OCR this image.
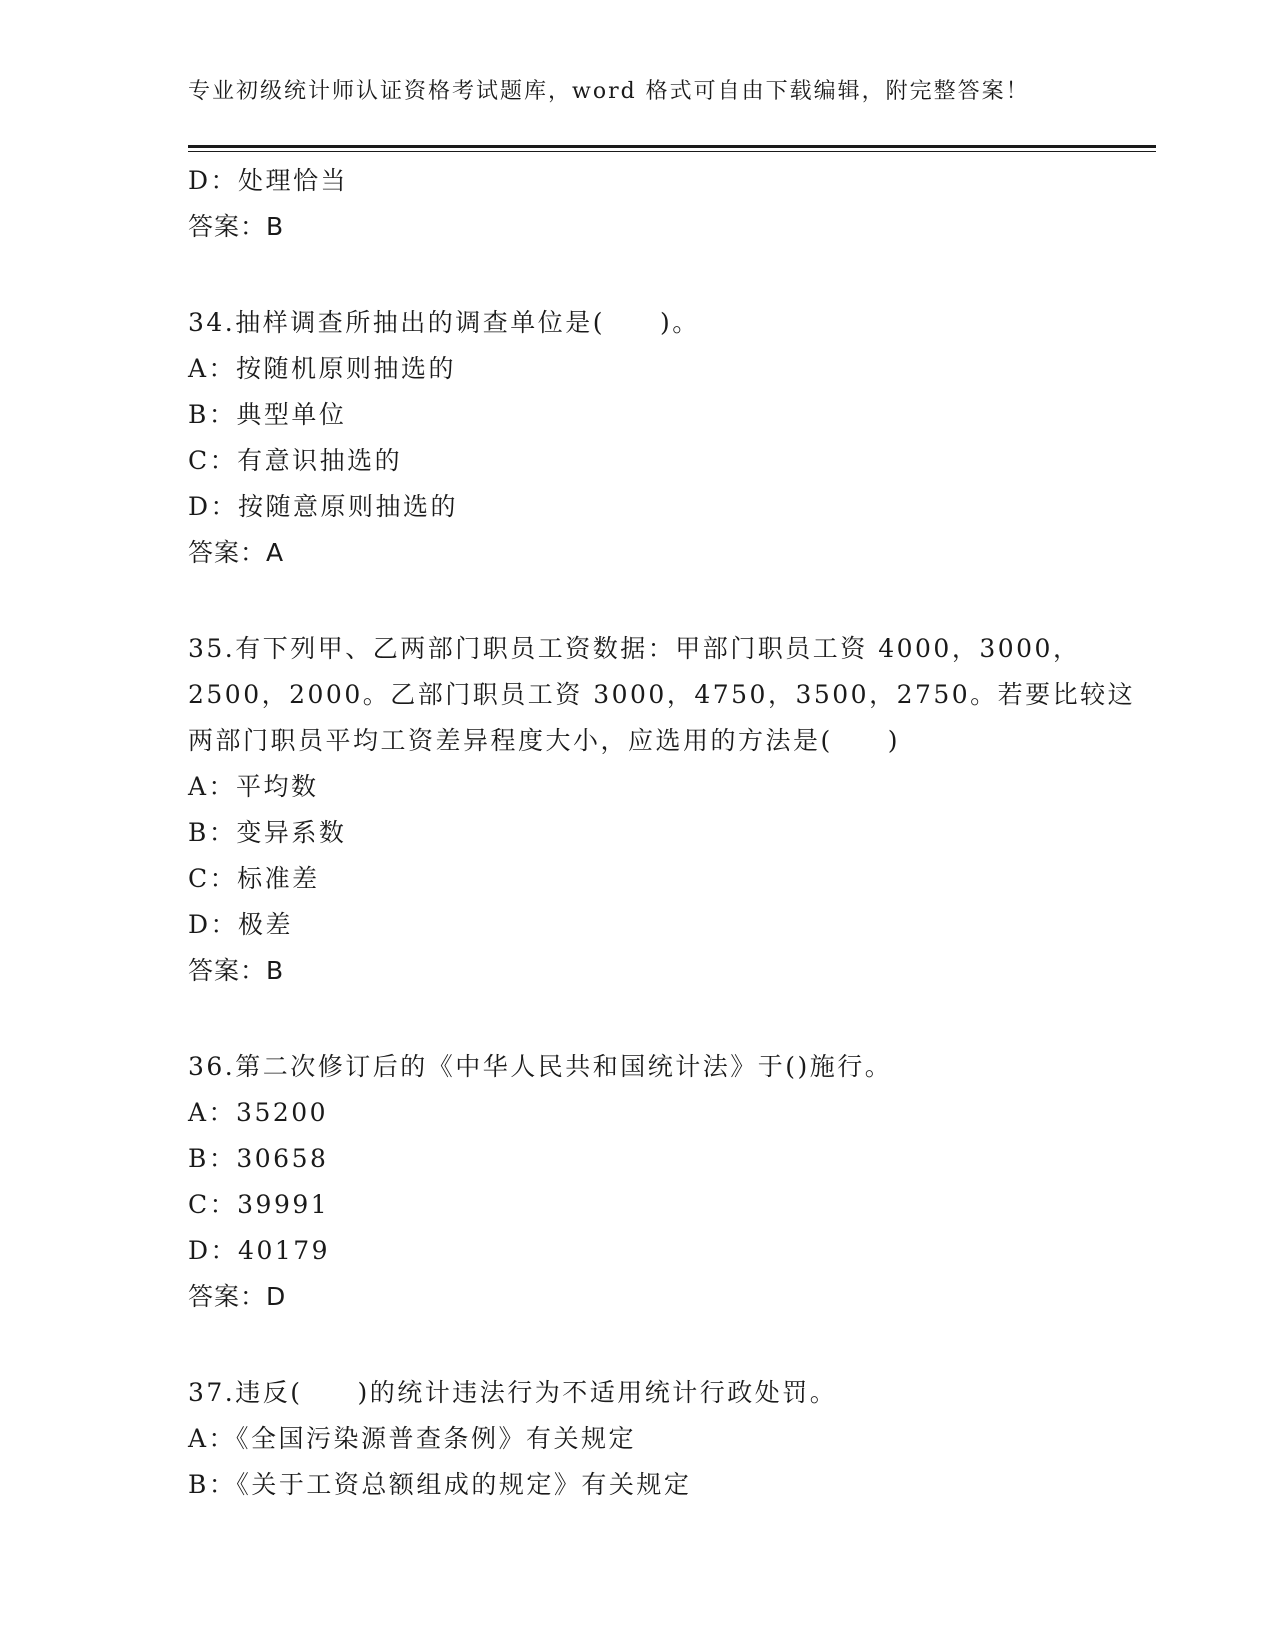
专业初级统计师认证资格考试题库，word 格式可自由下载编辑，附完整答案！
D：处理恰当
答案：B
34.抽样调查所抽出的调查单位是(　　)。
A：按随机原则抽选的
B：典型单位
C：有意识抽选的
D：按随意原则抽选的
答案：A
35.有下列甲、乙两部门职员工资数据：甲部门职员工资 4000，3000，
2500，2000。乙部门职员工资 3000，4750，3500，2750。若要比较这
两部门职员平均工资差异程度大小，应选用的方法是(　　)
A：平均数
B：变异系数
C：标准差
D：极差
答案：B
36.第二次修订后的《中华人民共和国统计法》于()施行。
A：35200
B：30658
C：39991
D：40179
答案：D
37.违反(　　)的统计违法行为不适用统计行政处罚。
A：《全国污染源普查条例》有关规定
B：《关于工资总额组成的规定》有关规定
